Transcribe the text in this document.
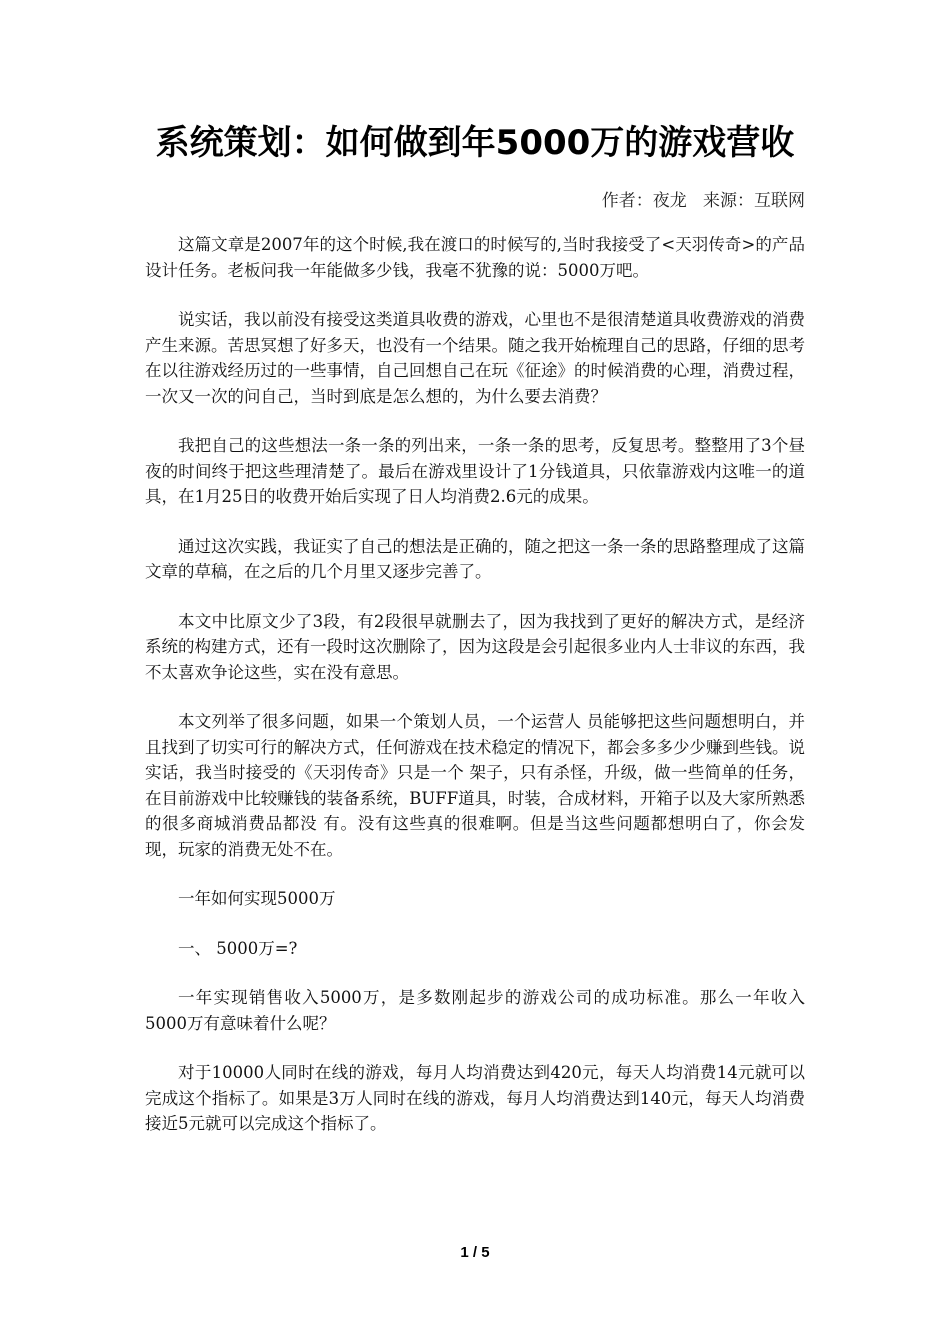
系统策划：如何做到年5000万的游戏营收
作者：夜龙   来源：互联网

这篇文章是2007年的这个时候,我在渡口的时候写的,当时我接受了<天羽传奇>的产品设计任务。老板问我一年能做多少钱，我毫不犹豫的说：5000万吧。

说实话，我以前没有接受这类道具收费的游戏，心里也不是很清楚道具收费游戏的消费产生来源。苦思冥想了好多天，也没有一个结果。随之我开始梳理自己的思路，仔细的思考在以往游戏经历过的一些事情，自己回想自己在玩《征途》的时候消费的心理，消费过程，一次又一次的问自己，当时到底是怎么想的，为什么要去消费？

我把自己的这些想法一条一条的列出来，一条一条的思考，反复思考。整整用了3个昼夜的时间终于把这些理清楚了。最后在游戏里设计了1分钱道具，只依靠游戏内这唯一的道具，在1月25日的收费开始后实现了日人均消费2.6元的成果。

通过这次实践，我证实了自己的想法是正确的，随之把这一条一条的思路整理成了这篇文章的草稿，在之后的几个月里又逐步完善了。

本文中比原文少了3段，有2段很早就删去了，因为我找到了更好的解决方式，是经济系统的构建方式，还有一段时这次删除了，因为这段是会引起很多业内人士非议的东西，我不太喜欢争论这些，实在没有意思。

本文列举了很多问题，如果一个策划人员，一个运营人 员能够把这些问题想明白，并且找到了切实可行的解决方式，任何游戏在技术稳定的情况下，都会多多少少赚到些钱。说实话，我当时接受的《天羽传奇》只是一个 架子，只有杀怪，升级，做一些简单的任务，在目前游戏中比较赚钱的装备系统，BUFF道具，时装，合成材料，开箱子以及大家所熟悉的很多商城消费品都没 有。没有这些真的很难啊。但是当这些问题都想明白了，你会发现，玩家的消费无处不在。

一年如何实现5000万

一、 5000万=?

一年实现销售收入5000万，是多数刚起步的游戏公司的成功标准。那么一年收入5000万有意味着什么呢？

对于10000人同时在线的游戏，每月人均消费达到420元，每天人均消费14元就可以完成这个指标了。如果是3万人同时在线的游戏，每月人均消费达到140元，每天人均消费接近5元就可以完成这个指标了。

1 / 5
